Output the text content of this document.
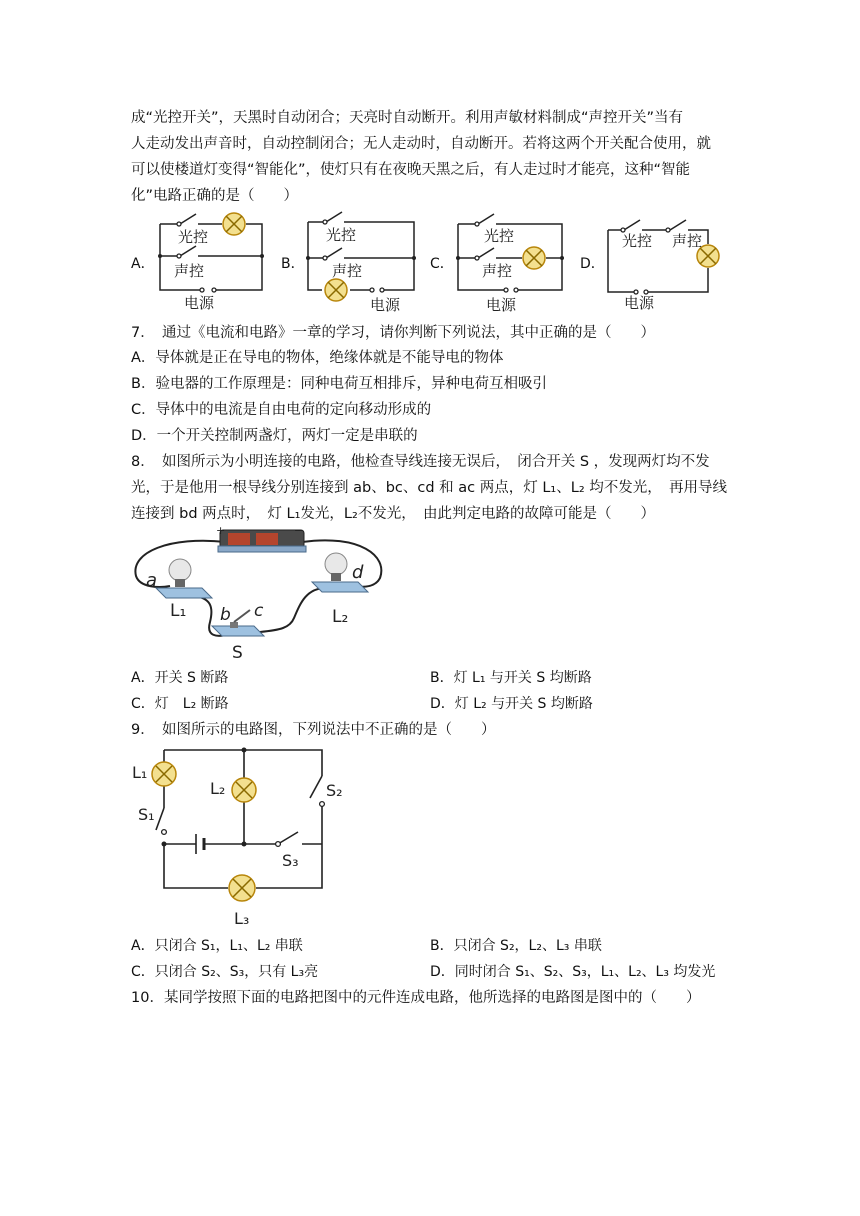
成“光控开关”，天黑时自动闭合；天亮时自动断开。利用声敏材料制成“声控开关”当有
人走动发出声音时，自动控制闭合；无人走动时，自动断开。若将这两个开关配合使用，就
可以使楼道灯变得“智能化”，使灯只有在夜晚天黑之后，有人走过时才能亮，这种“智能
化”电路正确的是（　　）
A．
光控
声控
电源
B．
光控
声控
电源
C．
光控
声控
电源
D．
光控 声控
电源
7．　通过《电流和电路》一章的学习，请你判断下列说法，其中正确的是（　　）
A．导体就是正在导电的物体，绝缘体就是不能导电的物体
B．验电器的工作原理是：同种电荷互相排斥，异种电荷互相吸引
C．导体中的电流是自由电荷的定向移动形成的
D．一个开关控制两盏灯，两灯一定是串联的
8．　如图所示为小明连接的电路，他检查导线连接无误后，　闭合开关 S ，发现两灯均不发
光，于是他用一根导线分别连接到 ab、bc、cd 和 ac 两点，灯 L₁、L₂ 均不发光，　再用导线
连接到 bd 两点时，　灯 L₁发光，L₂不发光，　由此判定电路的故障可能是（　　）
+	−
a	d
b c
L₁	L₂
S
A．开关 S 断路	B．灯 L₁ 与开关 S 均断路
C．灯　L₂ 断路	D．灯 L₂ 与开关 S 均断路
9．　如图所示的电路图，下列说法中不正确的是（　　）
L₁
L₂
L₃
S₁
S₂
S₃
A．只闭合 S₁，L₁、L₂ 串联	B．只闭合 S₂，L₂、L₃ 串联
C．只闭合 S₂、S₃，只有 L₃亮	D．同时闭合 S₁、S₂、S₃，L₁、L₂、L₃ 均发光
10．某同学按照下面的电路把图中的元件连成电路，他所选择的电路图是图中的（　　）
